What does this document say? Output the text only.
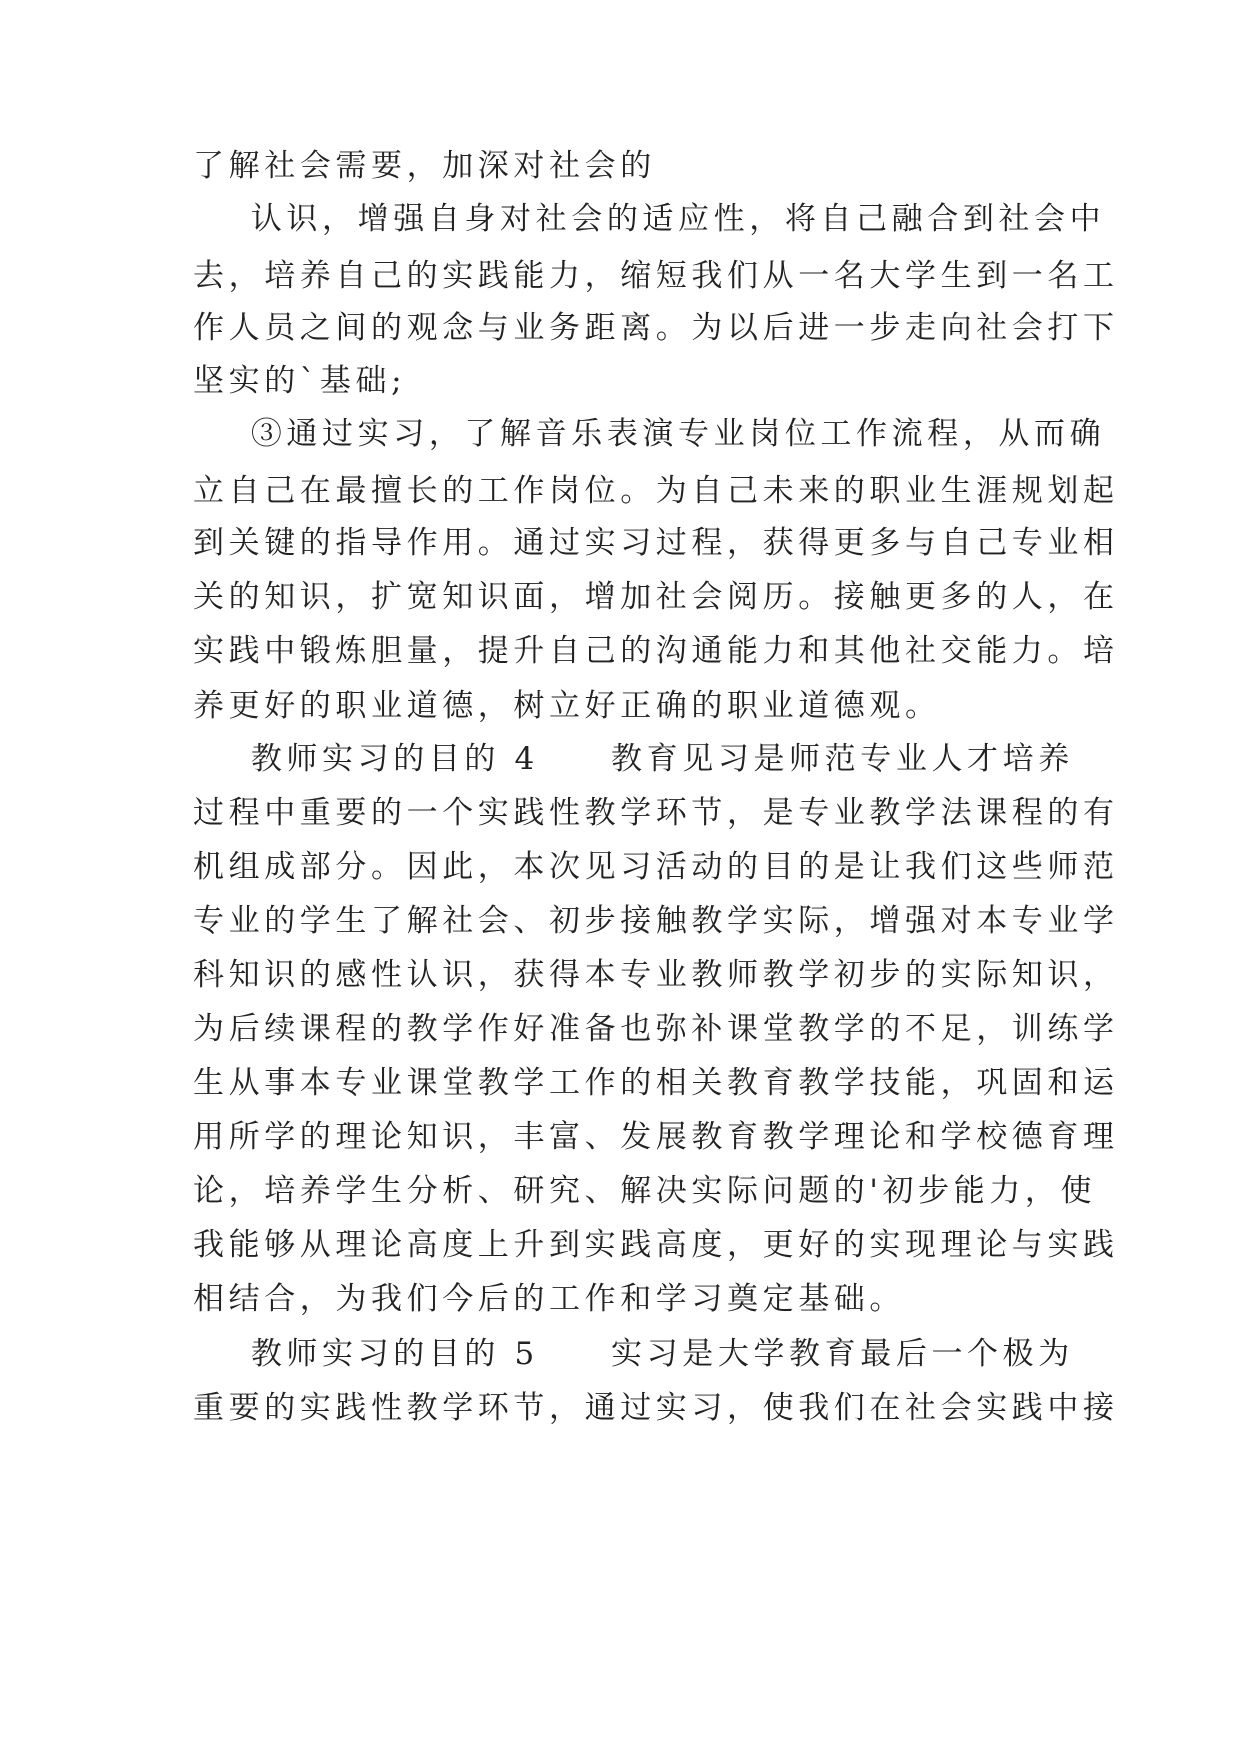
了解社会需要，加深对社会的
认识，增强自身对社会的适应性，将自己融合到社会中
去，培养自己的实践能力，缩短我们从一名大学生到一名工
作人员之间的观念与业务距离。为以后进一步走向社会打下
坚实的`基础;
③通过实习，了解音乐表演专业岗位工作流程，从而确
立自己在最擅长的工作岗位。为自己未来的职业生涯规划起
到关键的指导作用。通过实习过程，获得更多与自己专业相
关的知识，扩宽知识面，增加社会阅历。接触更多的人，在
实践中锻炼胆量，提升自己的沟通能力和其他社交能力。培
养更好的职业道德，树立好正确的职业道德观。
教师实习的目的 4     教育见习是师范专业人才培养
过程中重要的一个实践性教学环节，是专业教学法课程的有
机组成部分。因此，本次见习活动的目的是让我们这些师范
专业的学生了解社会、初步接触教学实际，增强对本专业学
科知识的感性认识，获得本专业教师教学初步的实际知识，
为后续课程的教学作好准备也弥补课堂教学的不足，训练学
生从事本专业课堂教学工作的相关教育教学技能，巩固和运
用所学的理论知识，丰富、发展教育教学理论和学校德育理
论，培养学生分析、研究、解决实际问题的'初步能力，使
我能够从理论高度上升到实践高度，更好的实现理论与实践
相结合，为我们今后的工作和学习奠定基础。
教师实习的目的 5     实习是大学教育最后一个极为
重要的实践性教学环节，通过实习，使我们在社会实践中接
